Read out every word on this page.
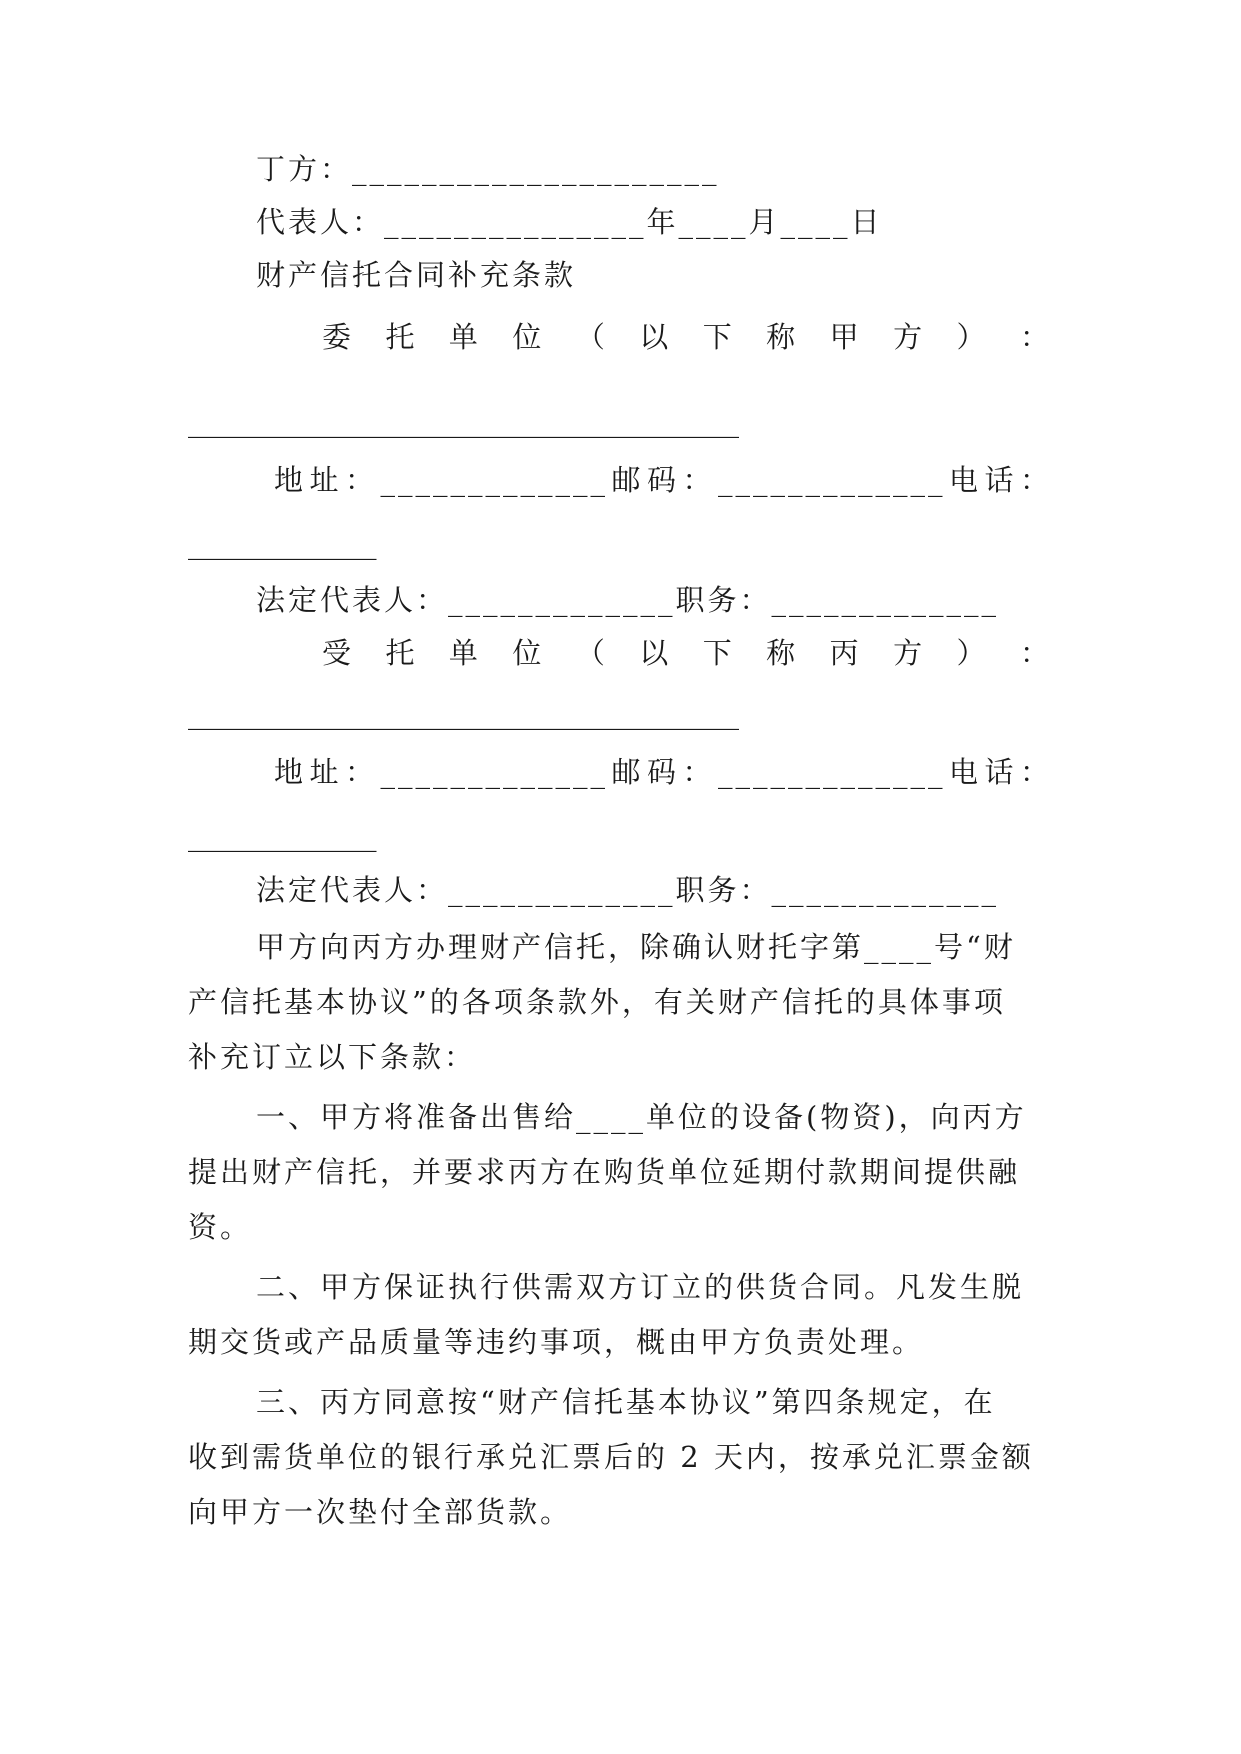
丁方：_____________________
代表人：_______________年____月____日
财产信托合同补充条款
委 托 单 位 （ 以 下 称 甲 方 ） ：
______________________________________
地 址 ： _____________ 邮 码 ： _____________ 电 话 ：
_____________
法定代表人：_____________职务：_____________
受 托 单 位 （ 以 下 称 丙 方 ） ：
______________________________________
地 址 ： _____________ 邮 码 ： _____________ 电 话 ：
_____________
法定代表人：_____________职务：_____________
甲方向丙方办理财产信托，除确认财托字第____号“财
产信托基本协议”的各项条款外，有关财产信托的具体事项
补充订立以下条款：
一、甲方将准备出售给____单位的设备(物资)，向丙方
提出财产信托，并要求丙方在购货单位延期付款期间提供融
资。
二、甲方保证执行供需双方订立的供货合同。凡发生脱
期交货或产品质量等违约事项，概由甲方负责处理。
三、丙方同意按“财产信托基本协议”第四条规定，在
收到需货单位的银行承兑汇票后的 2 天内，按承兑汇票金额
向甲方一次垫付全部货款。
